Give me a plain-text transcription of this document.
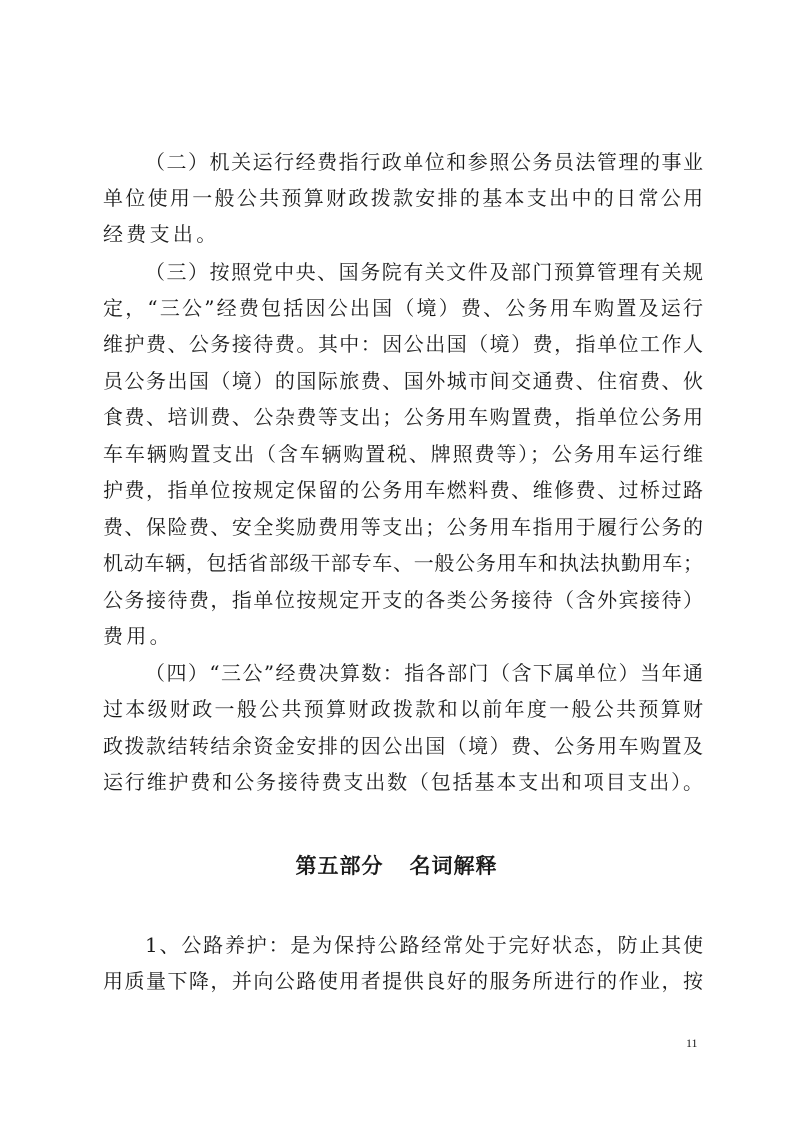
（二）机关运行经费指行政单位和参照公务员法管理的事业
单位使用一般公共预算财政拨款安排的基本支出中的日常公用
经费支出。
（三）按照党中央、国务院有关文件及部门预算管理有关规
定，“三公”经费包括因公出国（境）费、公务用车购置及运行
维护费、公务接待费。其中：因公出国（境）费，指单位工作人
员公务出国（境）的国际旅费、国外城市间交通费、住宿费、伙
食费、培训费、公杂费等支出；公务用车购置费，指单位公务用
车车辆购置支出（含车辆购置税、牌照费等）；公务用车运行维
护费，指单位按规定保留的公务用车燃料费、维修费、过桥过路
费、保险费、安全奖励费用等支出；公务用车指用于履行公务的
机动车辆，包括省部级干部专车、一般公务用车和执法执勤用车；
公务接待费，指单位按规定开支的各类公务接待（含外宾接待）
费用。
（四）“三公”经费决算数：指各部门（含下属单位）当年通
过本级财政一般公共预算财政拨款和以前年度一般公共预算财
政拨款结转结余资金安排的因公出国（境）费、公务用车购置及
运行维护费和公务接待费支出数（包括基本支出和项目支出）。
第五部分 名词解释
1、公路养护：是为保持公路经常处于完好状态，防止其使
用质量下降，并向公路使用者提供良好的服务所进行的作业，按
11
